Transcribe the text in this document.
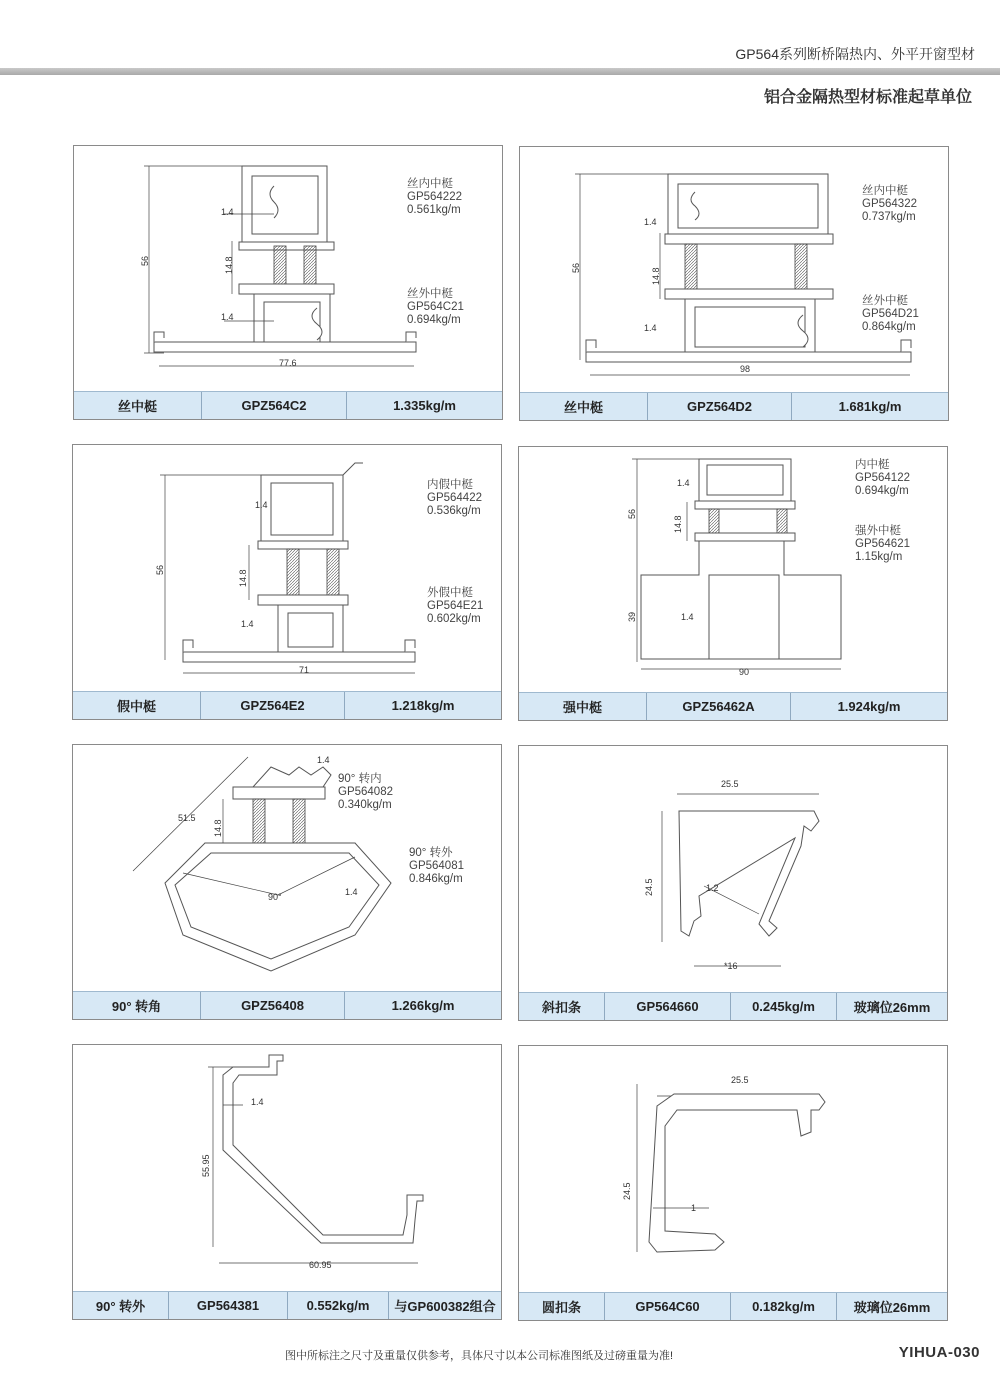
GP564系列断桥隔热内、外平开窗型材
铝合金隔热型材标准起草单位
丝内中梃
GP564222
0.561kg/m
丝外中梃
GP564C21
0.694kg/m
1.4
14.8
1.4
56
77.6
丝中梃	GPZ564C2	1.335kg/m
丝内中梃
GP564322
0.737kg/m
丝外中梃
GP564D21
0.864kg/m
1.4
14.8
1.4
56
98
丝中梃	GPZ564D2	1.681kg/m
内假中梃
GP564422
0.536kg/m
外假中梃
GP564E21
0.602kg/m
1.4
14.8
1.4
56
71
假中梃	GPZ564E2	1.218kg/m
内中梃
GP564122
0.694kg/m
强外中梃
GP564621
1.15kg/m
1.4
14.8
1.4
56
39
90
强中梃	GPZ56462A	1.924kg/m
90° 转内
GP564082
0.340kg/m
90° 转外
GP564081
0.846kg/m
1.4
14.8
51.5
1.4
90°
90° 转角	GPZ56408	1.266kg/m
25.5
24.5	1.2
*16
斜扣条	GP564660	0.245kg/m	玻璃位26mm
1.4
55.95
60.95
90° 转外	GP564381	0.552kg/m	与GP600382组合
25.5
24.5
1
圆扣条	GP564C60	0.182kg/m	玻璃位26mm
图中所标注之尺寸及重量仅供参考，具体尺寸以本公司标准图纸及过磅重量为准!	YIHUA-030
